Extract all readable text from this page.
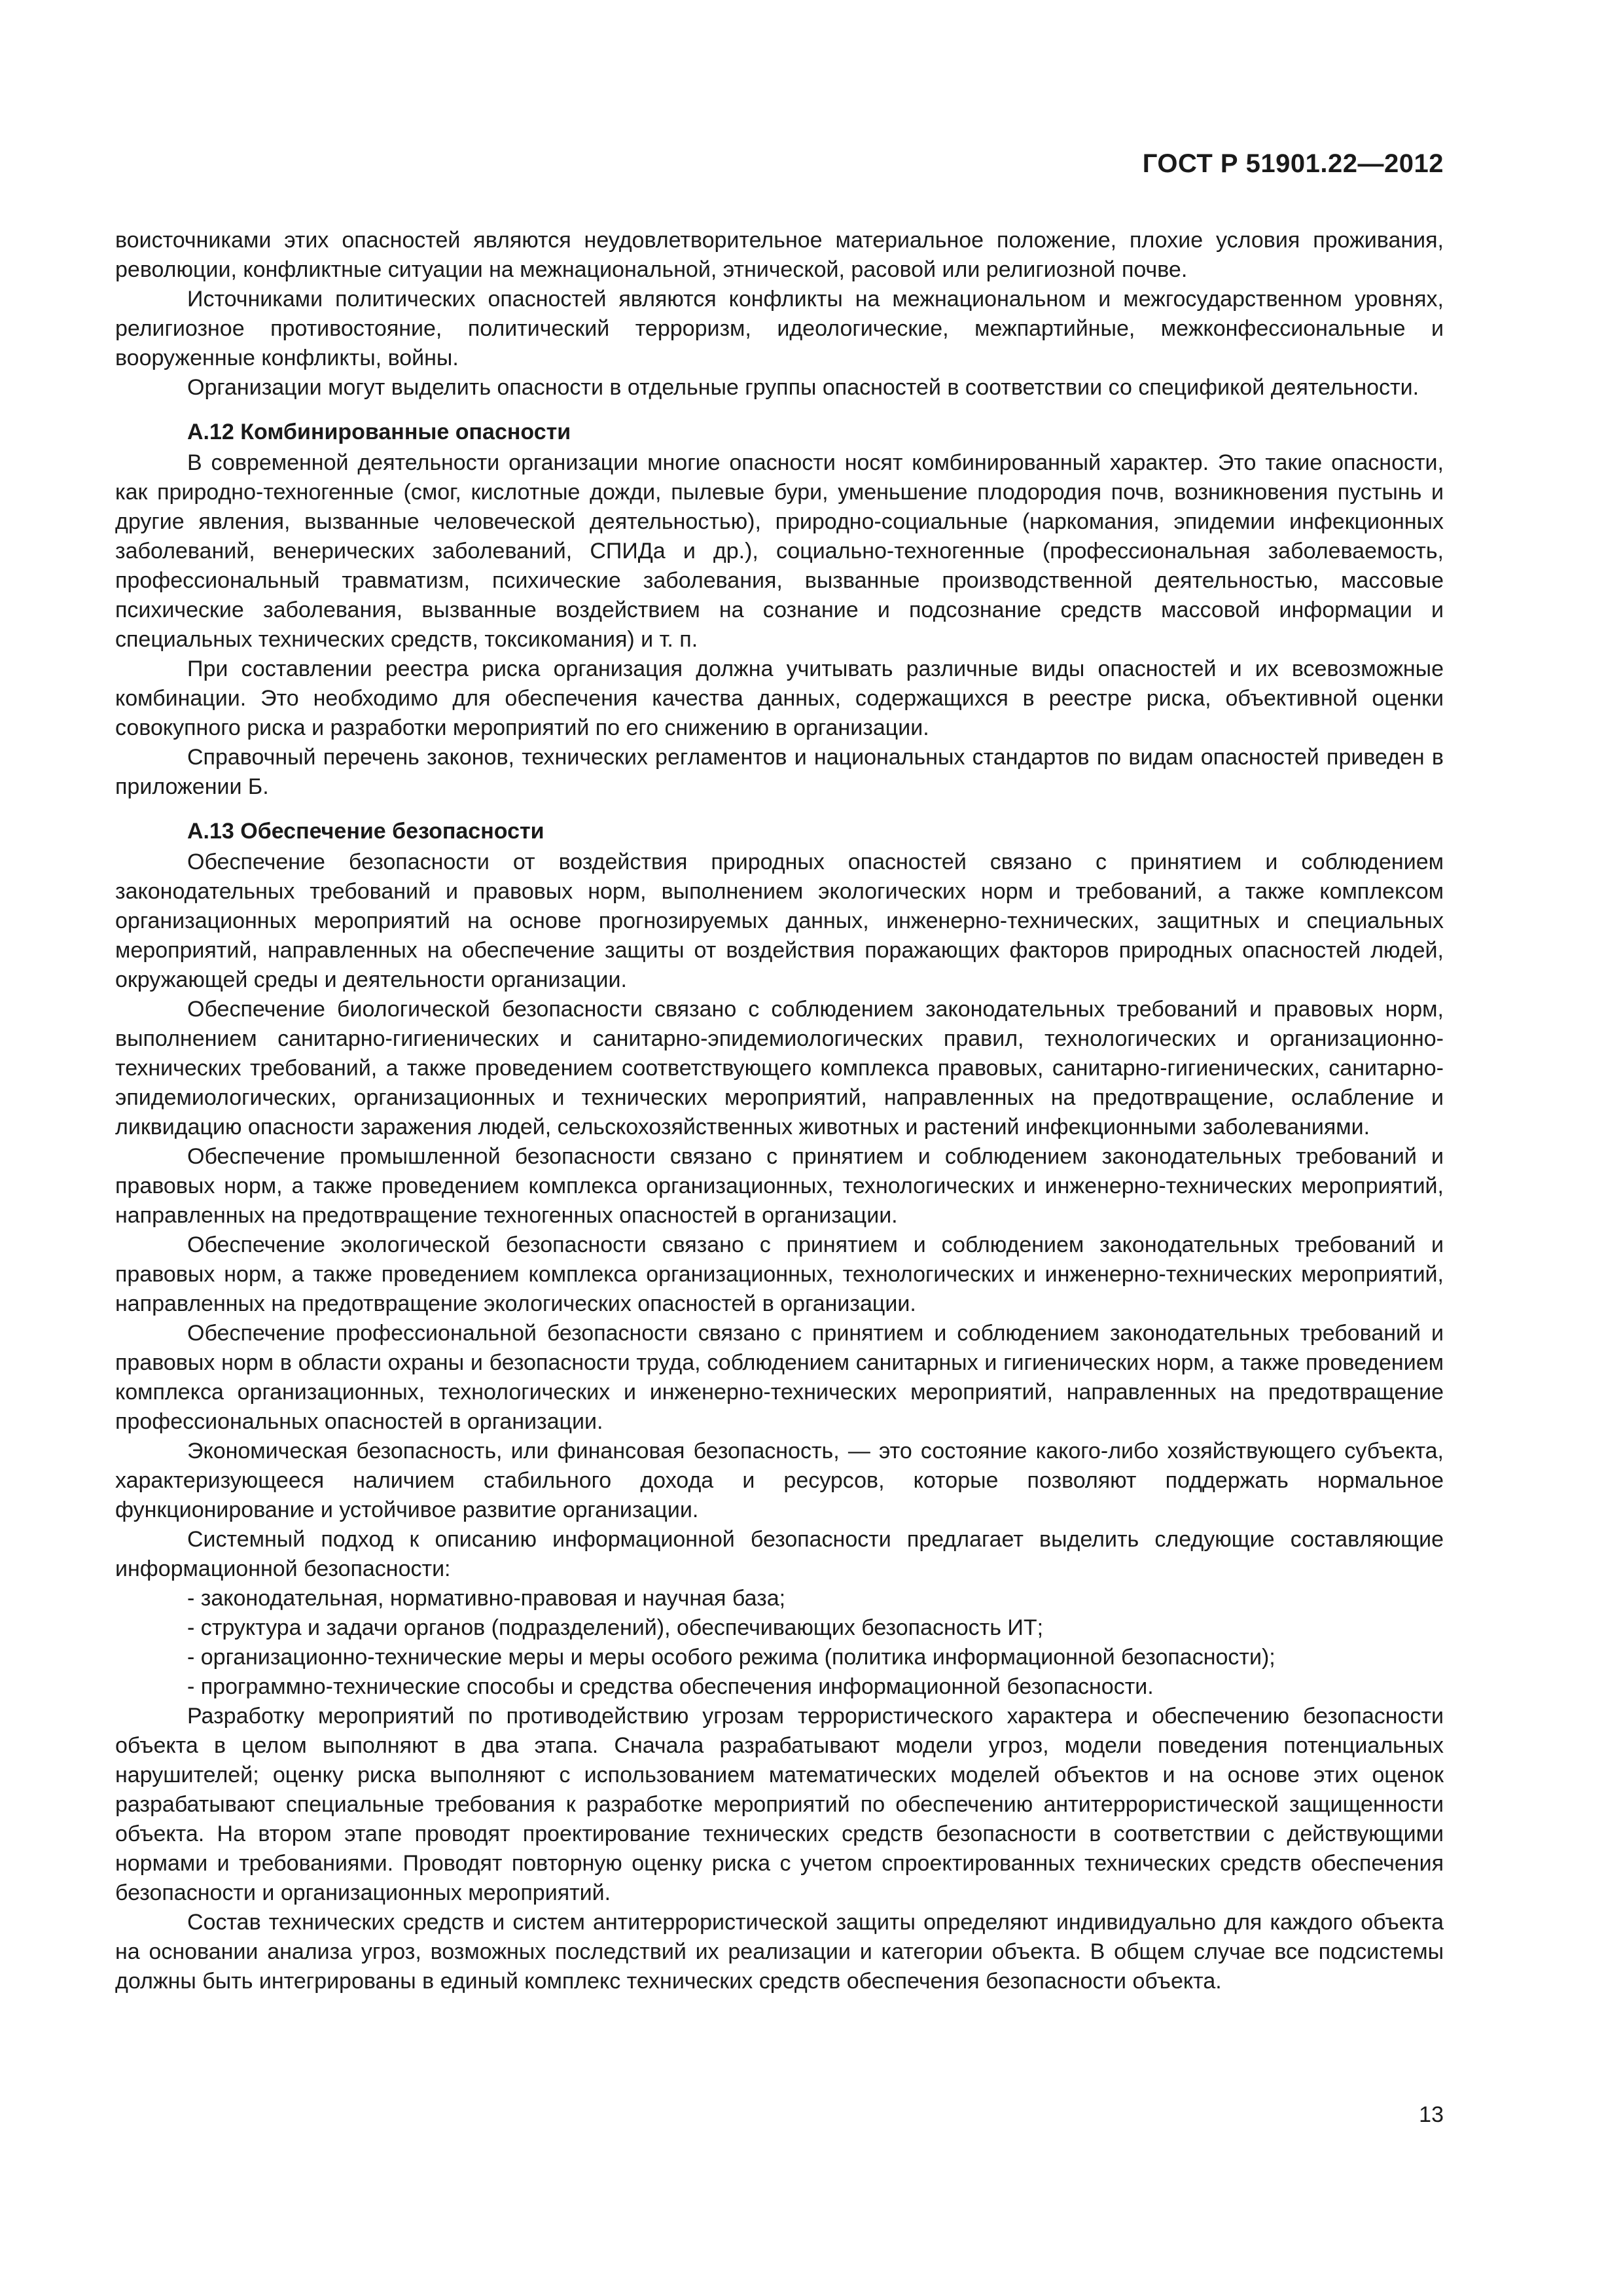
ГОСТ Р 51901.22—2012

воисточниками этих опасностей являются неудовлетворительное материальное положение, плохие условия проживания, революции, конфликтные ситуации на межнациональной, этнической, расовой или религиозной почве.

Источниками политических опасностей являются конфликты на межнациональном и межгосударственном уровнях, религиозное противостояние, политический терроризм, идеологические, межпартийные, межконфессиональные и вооруженные конфликты, войны.

Организации могут выделить опасности в отдельные группы опасностей в соответствии со спецификой деятельности.

А.12 Комбинированные опасности

В современной деятельности организации многие опасности носят комбинированный характер. Это такие опасности, как природно-техногенные (смог, кислотные дожди, пылевые бури, уменьшение плодородия почв, возникновения пустынь и другие явления, вызванные человеческой деятельностью), природно-социальные (наркомания, эпидемии инфекционных заболеваний, венерических заболеваний, СПИДа и др.), социально-техногенные (профессиональная заболеваемость, профессиональный травматизм, психические заболевания, вызванные производственной деятельностью, массовые психические заболевания, вызванные воздействием на сознание и подсознание средств массовой информации и специальных технических средств, токсикомания) и т. п.

При составлении реестра риска организация должна учитывать различные виды опасностей и их всевозможные комбинации. Это необходимо для обеспечения качества данных, содержащихся в реестре риска, объективной оценки совокупного риска и разработки мероприятий по его снижению в организации.

Справочный перечень законов, технических регламентов и национальных стандартов по видам опасностей приведен в приложении Б.

А.13 Обеспечение безопасности

Обеспечение безопасности от воздействия природных опасностей связано с принятием и соблюдением законодательных требований и правовых норм, выполнением экологических норм и требований, а также комплексом организационных мероприятий на основе прогнозируемых данных, инженерно-технических, защитных и специальных мероприятий, направленных на обеспечение защиты от воздействия поражающих факторов природных опасностей людей, окружающей среды и деятельности организации.

Обеспечение биологической безопасности связано с соблюдением законодательных требований и правовых норм, выполнением санитарно-гигиенических и санитарно-эпидемиологических правил, технологических и организационно-технических требований, а также проведением соответствующего комплекса правовых, санитарно-гигиенических, санитарно-эпидемиологических, организационных и технических мероприятий, направленных на предотвращение, ослабление и ликвидацию опасности заражения людей, сельскохозяйственных животных и растений инфекционными заболеваниями.

Обеспечение промышленной безопасности связано с принятием и соблюдением законодательных требований и правовых норм, а также проведением комплекса организационных, технологических и инженерно-технических мероприятий, направленных на предотвращение техногенных опасностей в организации.

Обеспечение экологической безопасности связано с принятием и соблюдением законодательных требований и правовых норм, а также проведением комплекса организационных, технологических и инженерно-технических мероприятий, направленных на предотвращение экологических опасностей в организации.

Обеспечение профессиональной безопасности связано с принятием и соблюдением законодательных требований и правовых норм в области охраны и безопасности труда, соблюдением санитарных и гигиенических норм, а также проведением комплекса организационных, технологических и инженерно-технических мероприятий, направленных на предотвращение профессиональных опасностей в организации.

Экономическая безопасность, или финансовая безопасность, — это состояние какого-либо хозяйствующего субъекта, характеризующееся наличием стабильного дохода и ресурсов, которые позволяют поддержать нормальное функционирование и устойчивое развитие организации.

Системный подход к описанию информационной безопасности предлагает выделить следующие составляющие информационной безопасности:

- законодательная, нормативно-правовая и научная база;
- структура и задачи органов (подразделений), обеспечивающих безопасность ИТ;
- организационно-технические меры и меры особого режима (политика информационной безопасности);
- программно-технические способы и средства обеспечения информационной безопасности.

Разработку мероприятий по противодействию угрозам террористического характера и обеспечению безопасности объекта в целом выполняют в два этапа. Сначала разрабатывают модели угроз, модели поведения потенциальных нарушителей; оценку риска выполняют с использованием математических моделей объектов и на основе этих оценок разрабатывают специальные требования к разработке мероприятий по обеспечению антитеррористической защищенности объекта. На втором этапе проводят проектирование технических средств безопасности в соответствии с действующими нормами и требованиями. Проводят повторную оценку риска с учетом спроектированных технических средств обеспечения безопасности и организационных мероприятий.

Состав технических средств и систем антитеррористической защиты определяют индивидуально для каждого объекта на основании анализа угроз, возможных последствий их реализации и категории объекта. В общем случае все подсистемы должны быть интегрированы в единый комплекс технических средств обеспечения безопасности объекта.

13
